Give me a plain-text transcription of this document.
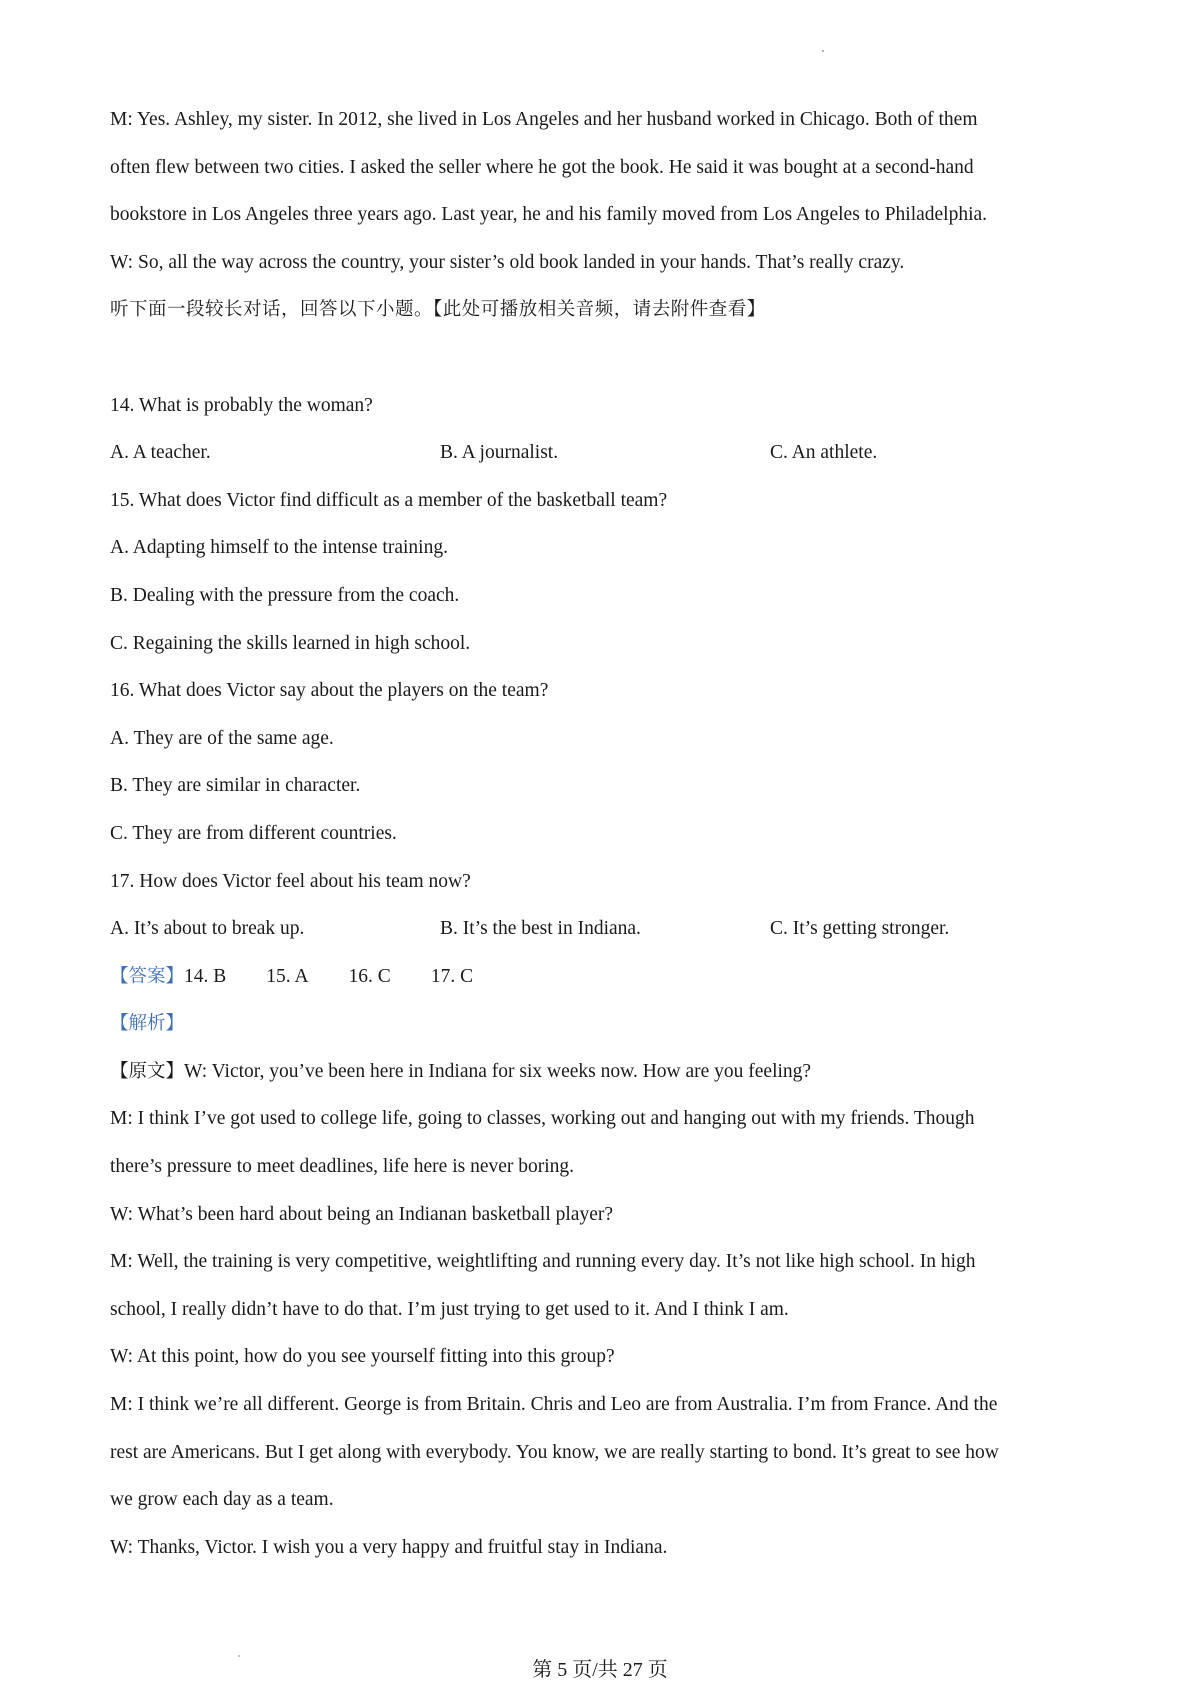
M: Yes. Ashley, my sister. In 2012, she lived in Los Angeles and her husband worked in Chicago. Both of them
often flew between two cities. I asked the seller where he got the book. He said it was bought at a second-hand
bookstore in Los Angeles three years ago. Last year, he and his family moved from Los Angeles to Philadelphia.
W: So, all the way across the country, your sister’s old book landed in your hands. That’s really crazy.
听下面一段较长对话，回答以下小题。【此处可播放相关音频，请去附件查看】
14. What is probably the woman?
A. A teacher.	B. A journalist.	C. An athlete.
15. What does Victor find difficult as a member of the basketball team?
A. Adapting himself to the intense training.
B. Dealing with the pressure from the coach.
C. Regaining the skills learned in high school.
16. What does Victor say about the players on the team?
A. They are of the same age.
B. They are similar in character.
C. They are from different countries.
17. How does Victor feel about his team now?
A. It’s about to break up.	B. It’s the best in Indiana.	C. It’s getting stronger.
【答案】14. B 15. A 16. C 17. C
【解析】
【原文】W: Victor, you’ve been here in Indiana for six weeks now. How are you feeling?
M: I think I’ve got used to college life, going to classes, working out and hanging out with my friends. Though
there’s pressure to meet deadlines, life here is never boring.
W: What’s been hard about being an Indianan basketball player?
M: Well, the training is very competitive, weightlifting and running every day. It’s not like high school. In high
school, I really didn’t have to do that. I’m just trying to get used to it. And I think I am.
W: At this point, how do you see yourself fitting into this group?
M: I think we’re all different. George is from Britain. Chris and Leo are from Australia. I’m from France. And the
rest are Americans. But I get along with everybody. You know, we are really starting to bond. It’s great to see how
we grow each day as a team.
W: Thanks, Victor. I wish you a very happy and fruitful stay in Indiana.
第 5 页/共 27 页
